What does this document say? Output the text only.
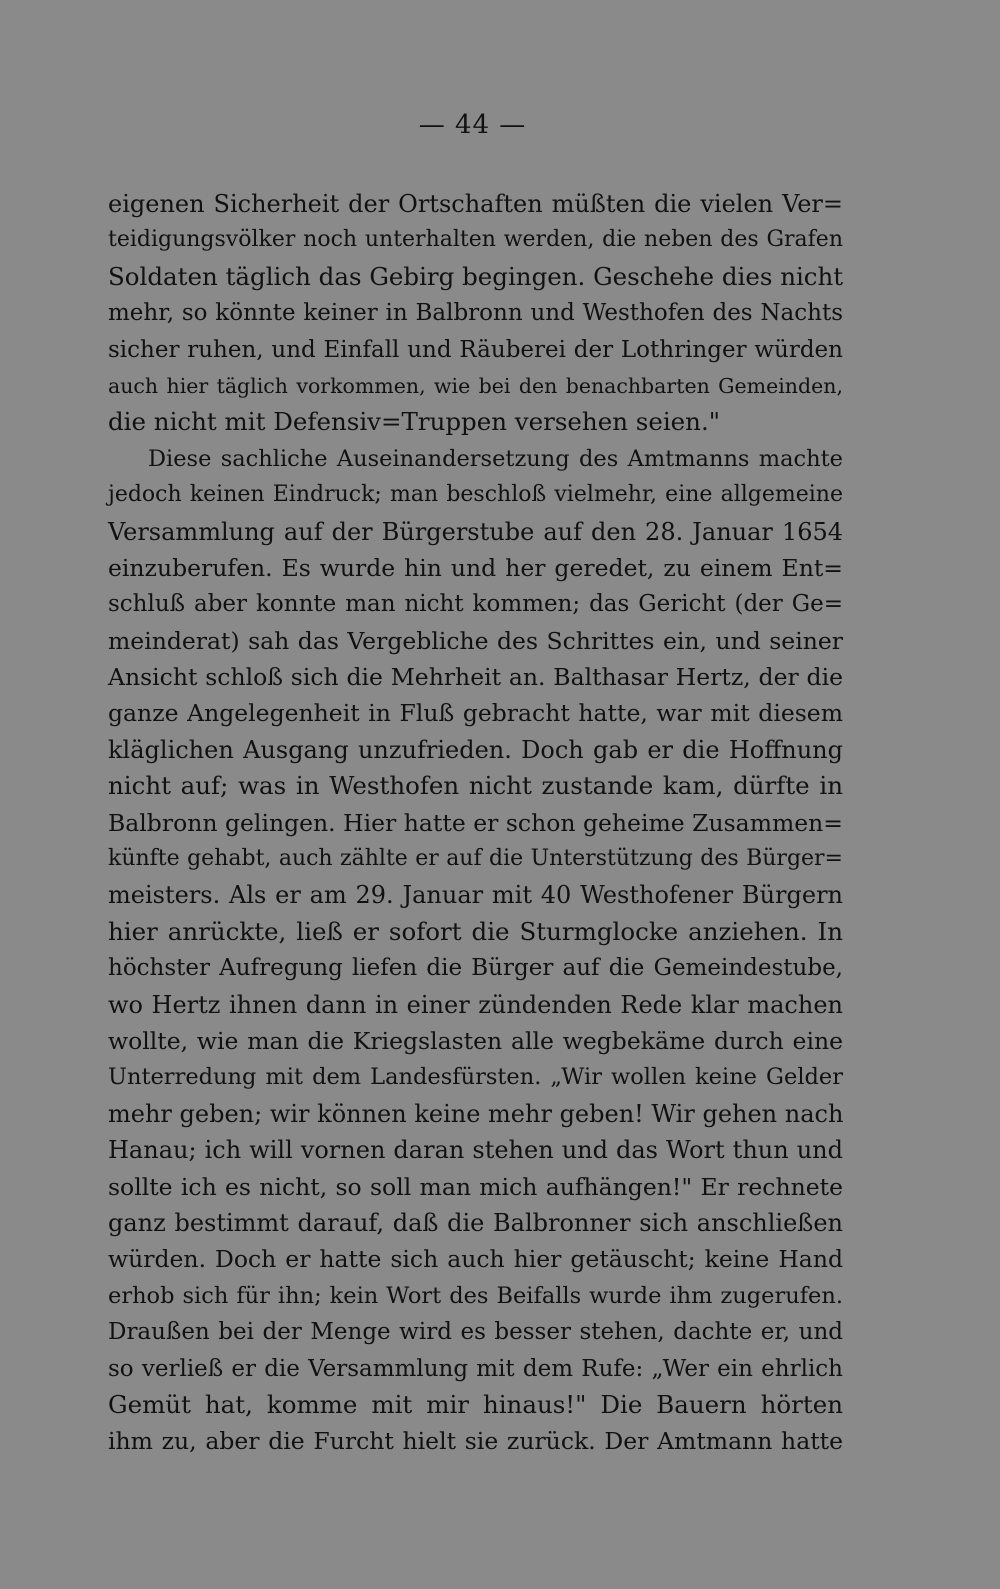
— 44 —
eigenen Sicherheit der Ortschaften müßten die vielen Ver=
teidigungsvölker noch unterhalten werden, die neben des Grafen
Soldaten täglich das Gebirg begingen. Geschehe dies nicht
mehr, so könnte keiner in Balbronn und Westhofen des Nachts
sicher ruhen, und Einfall und Räuberei der Lothringer würden
auch hier täglich vorkommen, wie bei den benachbarten Gemeinden,
die nicht mit Defensiv=Truppen versehen seien."
Diese sachliche Auseinandersetzung des Amtmanns machte
jedoch keinen Eindruck; man beschloß vielmehr, eine allgemeine
Versammlung auf der Bürgerstube auf den 28. Januar 1654
einzuberufen. Es wurde hin und her geredet, zu einem Ent=
schluß aber konnte man nicht kommen; das Gericht (der Ge=
meinderat) sah das Vergebliche des Schrittes ein, und seiner
Ansicht schloß sich die Mehrheit an. Balthasar Hertz, der die
ganze Angelegenheit in Fluß gebracht hatte, war mit diesem
kläglichen Ausgang unzufrieden. Doch gab er die Hoffnung
nicht auf; was in Westhofen nicht zustande kam, dürfte in
Balbronn gelingen. Hier hatte er schon geheime Zusammen=
künfte gehabt, auch zählte er auf die Unterstützung des Bürger=
meisters. Als er am 29. Januar mit 40 Westhofener Bürgern
hier anrückte, ließ er sofort die Sturmglocke anziehen. In
höchster Aufregung liefen die Bürger auf die Gemeindestube,
wo Hertz ihnen dann in einer zündenden Rede klar machen
wollte, wie man die Kriegslasten alle wegbekäme durch eine
Unterredung mit dem Landesfürsten. „Wir wollen keine Gelder
mehr geben; wir können keine mehr geben! Wir gehen nach
Hanau; ich will vornen daran stehen und das Wort thun und
sollte ich es nicht, so soll man mich aufhängen!" Er rechnete
ganz bestimmt darauf, daß die Balbronner sich anschließen
würden. Doch er hatte sich auch hier getäuscht; keine Hand
erhob sich für ihn; kein Wort des Beifalls wurde ihm zugerufen.
Draußen bei der Menge wird es besser stehen, dachte er, und
so verließ er die Versammlung mit dem Rufe: „Wer ein ehrlich
Gemüt hat, komme mit mir hinaus!" Die Bauern hörten
ihm zu, aber die Furcht hielt sie zurück. Der Amtmann hatte
